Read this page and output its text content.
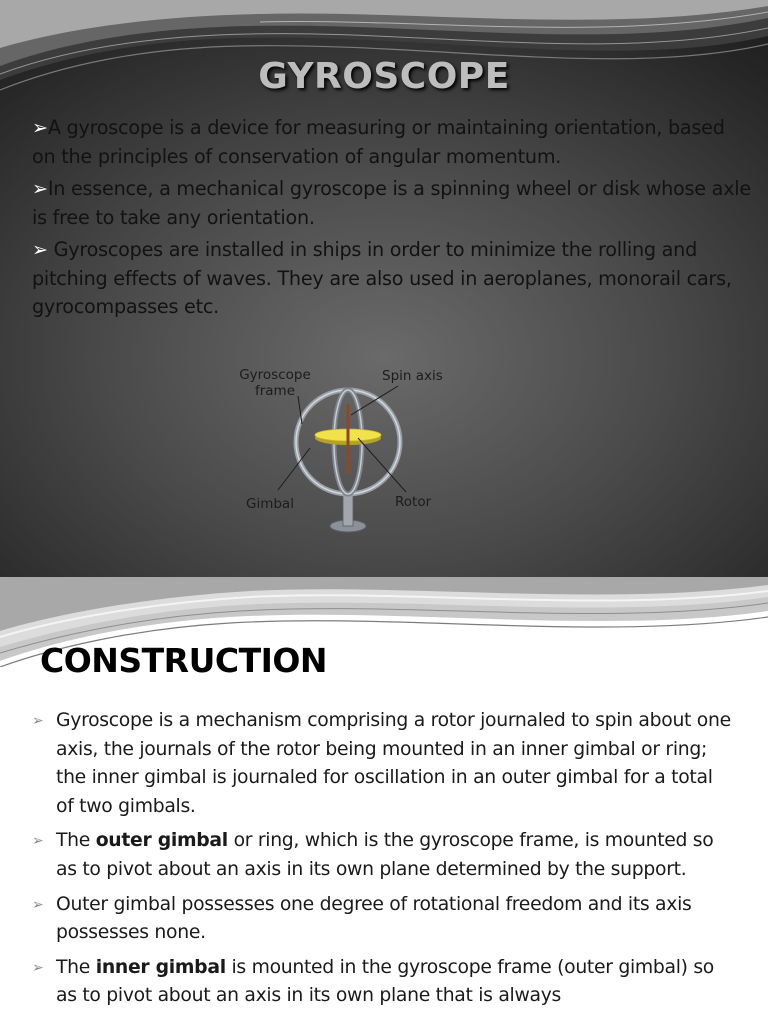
GYROSCOPE

➢A gyroscope is a device for measuring or maintaining orientation, based on the principles of conservation of angular momentum.

➢In essence, a mechanical gyroscope is a spinning wheel or disk whose axle is free to take any orientation.

➢ Gyroscopes are installed in ships in order to minimize the rolling and pitching effects of waves. They are also used in aeroplanes, monorail cars, gyrocompasses etc.

Gyroscope
frame
Spin axis
Gimbal	Rotor
CONSTRUCTION
➢ Gyroscope is a mechanism comprising a rotor journaled to spin about one axis, the journals of the rotor being mounted in an inner gimbal or ring; the inner gimbal is journaled for oscillation in an outer gimbal for a total of two gimbals.
➢ The outer gimbal or ring, which is the gyroscope frame, is mounted so as to pivot about an axis in its own plane determined by the support.
➢ Outer gimbal possesses one degree of rotational freedom and its axis possesses none.
➢ The inner gimbal is mounted in the gyroscope frame (outer gimbal) so as to pivot about an axis in its own plane that is always
